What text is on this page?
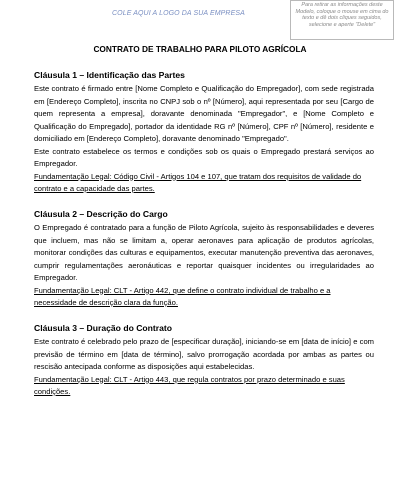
COLE AQUI A LOGO DA SUA EMPRESA
Para retirar as informações deste Modelo, coloque o mouse em cima do texto e dê dois cliques seguidos, selecione e aperte "Delete"
CONTRATO DE TRABALHO PARA PILOTO AGRÍCOLA
Cláusula 1 – Identificação das Partes

Este contrato é firmado entre [Nome Completo e Qualificação do Empregador], com sede registrada em [Endereço Completo], inscrita no CNPJ sob o nº [Número], aqui representada por seu [Cargo de quem representa a empresa], doravante denominada "Empregador", e [Nome Completo e Qualificação do Empregado], portador da identidade RG nº [Número], CPF nº [Número], residente e domiciliado em [Endereço Completo], doravante denominado "Empregado".

Este contrato estabelece os termos e condições sob os quais o Empregado prestará serviços ao Empregador.

Fundamentação Legal: Código Civil - Artigos 104 e 107, que tratam dos requisitos de validade do contrato e a capacidade das partes.

Cláusula 2 – Descrição do Cargo

O Empregado é contratado para a função de Piloto Agrícola, sujeito às responsabilidades e deveres que incluem, mas não se limitam a, operar aeronaves para aplicação de produtos agrícolas, monitorar condições das culturas e equipamentos, executar manutenção preventiva das aeronaves, cumprir regulamentações aeronáuticas e reportar quaisquer incidentes ou irregularidades ao Empregador.

Fundamentação Legal: CLT - Artigo 442, que define o contrato individual de trabalho e a necessidade de descrição clara da função.

Cláusula 3 – Duração do Contrato

Este contrato é celebrado pelo prazo de [especificar duração], iniciando-se em [data de início] e com previsão de término em [data de término], salvo prorrogação acordada por ambas as partes ou rescisão antecipada conforme as disposições aqui estabelecidas.

Fundamentação Legal: CLT - Artigo 443, que regula contratos por prazo determinado e suas condições.
